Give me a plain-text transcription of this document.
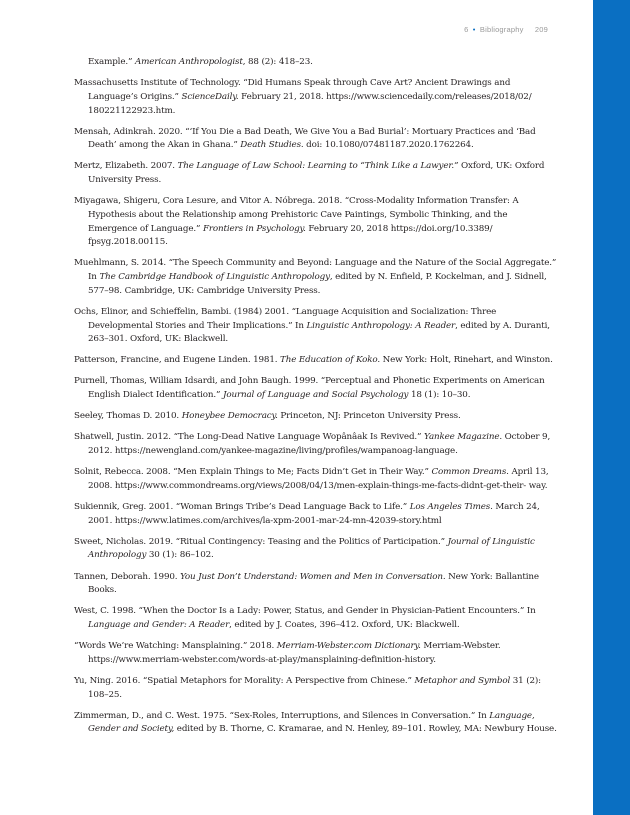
6 • Bibliography 209

Example.” American Anthropologist, 88 (2): 418–23.

Massachusetts Institute of Technology. “Did Humans Speak through Cave Art? Ancient Drawings and Language’s Origins.” ScienceDaily. February 21, 2018. https://www.sciencedaily.com/releases/2018/02/ 180221122923.htm.

Mensah, Adinkrah. 2020. “‘If You Die a Bad Death, We Give You a Bad Burial’: Mortuary Practices and ‘Bad Death’ among the Akan in Ghana.” Death Studies. doi: 10.1080/07481187.2020.1762264.

Mertz, Elizabeth. 2007. The Language of Law School: Learning to “Think Like a Lawyer.” Oxford, UK: Oxford University Press.

Miyagawa, Shigeru, Cora Lesure, and Vitor A. Nóbrega. 2018. “Cross-Modality Information Transfer: A Hypothesis about the Relationship among Prehistoric Cave Paintings, Symbolic Thinking, and the Emergence of Language.” Frontiers in Psychology. February 20, 2018 https://doi.org/10.3389/ fpsyg.2018.00115.

Muehlmann, S. 2014. “The Speech Community and Beyond: Language and the Nature of the Social Aggregate.” In The Cambridge Handbook of Linguistic Anthropology, edited by N. Enfield, P. Kockelman, and J. Sidnell, 577–98. Cambridge, UK: Cambridge University Press.

Ochs, Elinor, and Schieffelin, Bambi. (1984) 2001. “Language Acquisition and Socialization: Three Developmental Stories and Their Implications.” In Linguistic Anthropology: A Reader, edited by A. Duranti, 263–301. Oxford, UK: Blackwell.

Patterson, Francine, and Eugene Linden. 1981. The Education of Koko. New York: Holt, Rinehart, and Winston.

Purnell, Thomas, William Idsardi, and John Baugh. 1999. “Perceptual and Phonetic Experiments on American English Dialect Identification.” Journal of Language and Social Psychology 18 (1): 10–30.

Seeley, Thomas D. 2010. Honeybee Democracy. Princeton, NJ: Princeton University Press.

Shatwell, Justin. 2012. “The Long-Dead Native Language Wopânâak Is Revived.” Yankee Magazine. October 9, 2012. https://newengland.com/yankee-magazine/living/profiles/wampanoag-language.

Solnit, Rebecca. 2008. “Men Explain Things to Me; Facts Didn’t Get in Their Way.” Common Dreams. April 13, 2008. https://www.commondreams.org/views/2008/04/13/men-explain-things-me-facts-didnt-get-their- way.

Sukiennik, Greg. 2001. “Woman Brings Tribe’s Dead Language Back to Life.” Los Angeles Times. March 24, 2001. https://www.latimes.com/archives/la-xpm-2001-mar-24-mn-42039-story.html

Sweet, Nicholas. 2019. “Ritual Contingency: Teasing and the Politics of Participation.” Journal of Linguistic Anthropology 30 (1): 86–102.

Tannen, Deborah. 1990. You Just Don’t Understand: Women and Men in Conversation. New York: Ballantine Books.

West, C. 1998. “When the Doctor Is a Lady: Power, Status, and Gender in Physician-Patient Encounters.” In Language and Gender: A Reader, edited by J. Coates, 396–412. Oxford, UK: Blackwell.

“Words We’re Watching: Mansplaining.” 2018. Merriam-Webster.com Dictionary. Merriam-Webster. https://www.merriam-webster.com/words-at-play/mansplaining-definition-history.

Yu, Ning. 2016. “Spatial Metaphors for Morality: A Perspective from Chinese.” Metaphor and Symbol 31 (2): 108–25.

Zimmerman, D., and C. West. 1975. “Sex-Roles, Interruptions, and Silences in Conversation.” In Language, Gender and Society, edited by B. Thorne, C. Kramarae, and N. Henley, 89–101. Rowley, MA: Newbury House.
